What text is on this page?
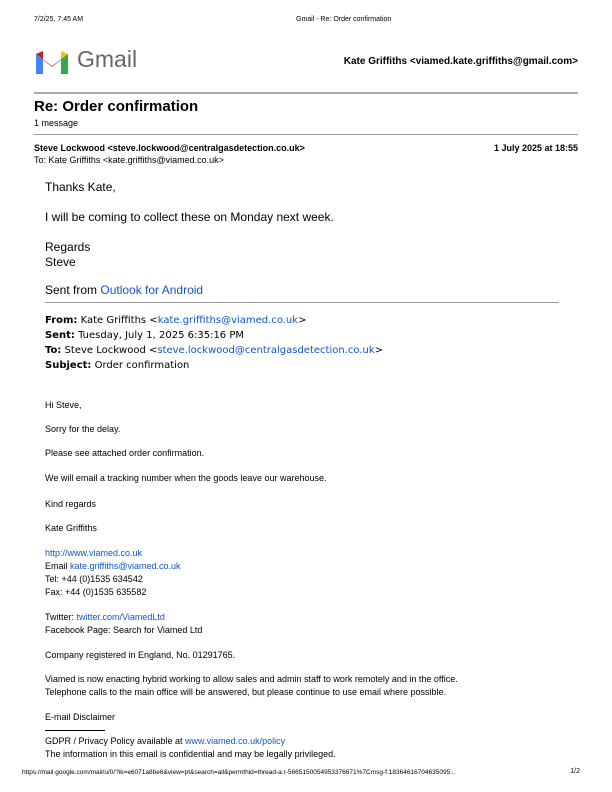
7/2/25, 7:45 AM	Gmail - Re: Order confirmation
Gmail	Kate Griffiths <viamed.kate.griffiths@gmail.com>
Re: Order confirmation
1 message
Steve Lockwood <steve.lockwood@centralgasdetection.co.uk>	1 July 2025 at 18:55
To: Kate Griffiths <kate.griffiths@viamed.co.uk>
Thanks Kate,
I will be coming to collect these on Monday next week.
Regards
Steve
Sent from Outlook for Android
From: Kate Griffiths <kate.griffiths@viamed.co.uk>
Sent: Tuesday, July 1, 2025 6:35:16 PM
To: Steve Lockwood <steve.lockwood@centralgasdetection.co.uk>
Subject: Order confirmation
Hi Steve,
Sorry for the delay.
Please see attached order confirmation.
We will email a tracking number when the goods leave our warehouse.
Kind regards
Kate Griffiths
http://www.viamed.co.uk
Email kate.griffiths@viamed.co.uk
Tel: +44 (0)1535 634542
Fax: +44 (0)1535 635582
Twitter: twitter.com/ViamedLtd
Facebook Page: Search for Viamed Ltd
Company registered in England, No. 01291765.
Viamed is now enacting hybrid working to allow sales and admin staff to work remotely and in the office.
Telephone calls to the main office will be answered, but please continue to use email where possible.
E-mail Disclaimer
GDPR / Privacy Policy available at www.viamed.co.uk/policy
The information in this email is confidential and may be legally privileged.
https://mail.google.com/mail/u/0/?ik=e6071a8be6&view=pt&search=all&permthid=thread-a:r-5665150054953376671%7Cmsg-f:18364616704635095...	1/2
